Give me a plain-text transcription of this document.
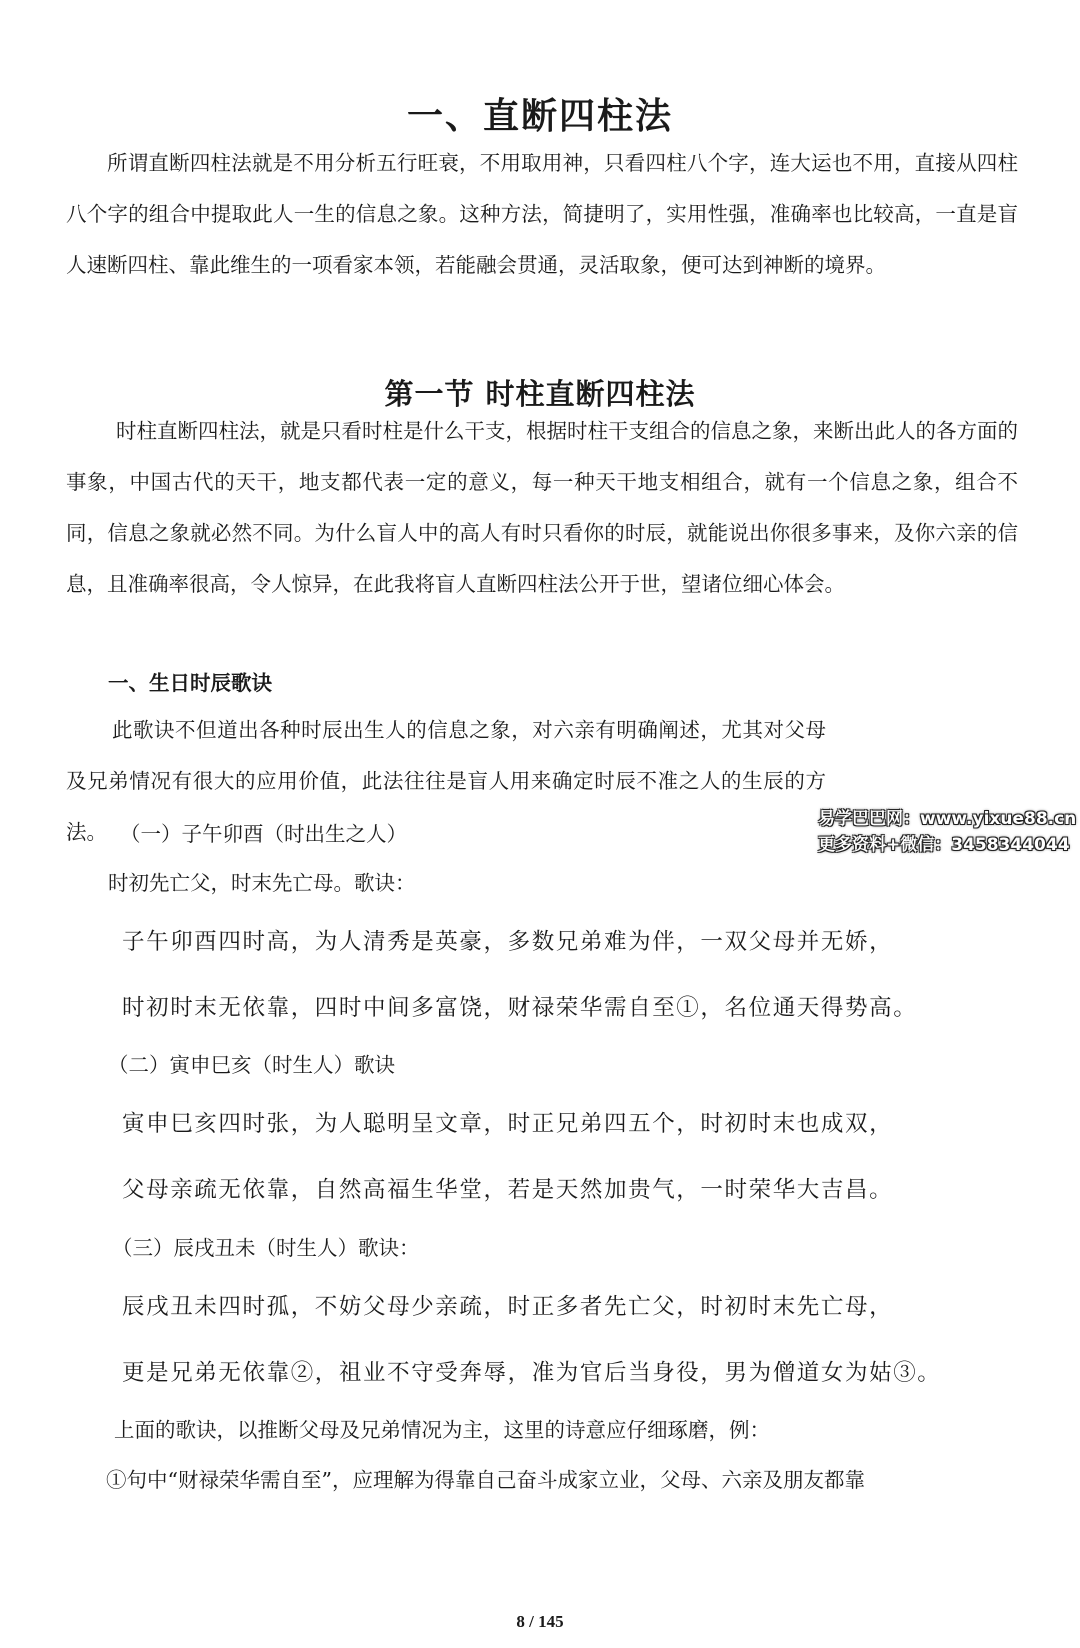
一、直断四柱法
所谓直断四柱法就是不用分析五行旺衰，不用取用神，只看四柱八个字，连大运也不用，直接从四柱八个字的组合中提取此人一生的信息之象。这种方法，简捷明了，实用性强，准确率也比较高，一直是盲人速断四柱、靠此维生的一项看家本领，若能融会贯通，灵活取象，便可达到神断的境界。
第一节 时柱直断四柱法
时柱直断四柱法，就是只看时柱是什么干支，根据时柱干支组合的信息之象，来断出此人的各方面的事象，中国古代的天干，地支都代表一定的意义，每一种天干地支相组合，就有一个信息之象，组合不同，信息之象就必然不同。为什么盲人中的高人有时只看你的时辰，就能说出你很多事来，及你六亲的信息，且准确率很高，令人惊异，在此我将盲人直断四柱法公开于世，望诸位细心体会。
一、生日时辰歌诀
此歌诀不但道出各种时辰出生人的信息之象，对六亲有明确阐述，尤其对父母及兄弟情况有很大的应用价值，此法往往是盲人用来确定时辰不准之人的生辰的方法。
易学巴巴网：www.yixue88.cn
更多资料+微信：3458344044
（一）子午卯酉（时出生之人）
时初先亡父，时末先亡母。歌诀：
子午卯酉四时高，为人清秀是英豪，多数兄弟难为伴，一双父母并无娇，
时初时末无依靠，四时中间多富饶，财禄荣华需自至①，名位通天得势高。
（二）寅申巳亥（时生人）歌诀
寅申巳亥四时张，为人聪明呈文章，时正兄弟四五个，时初时末也成双，
父母亲疏无依靠，自然高福生华堂，若是天然加贵气，一时荣华大吉昌。
（三）辰戌丑未（时生人）歌诀：
辰戌丑未四时孤，不妨父母少亲疏，时正多者先亡父，时初时末先亡母，
更是兄弟无依靠②，祖业不守受奔辱，准为官后当身役，男为僧道女为姑③。
上面的歌诀，以推断父母及兄弟情况为主，这里的诗意应仔细琢磨，例：
①句中“财禄荣华需自至”，应理解为得靠自己奋斗成家立业，父母、六亲及朋友都靠
8 / 145
